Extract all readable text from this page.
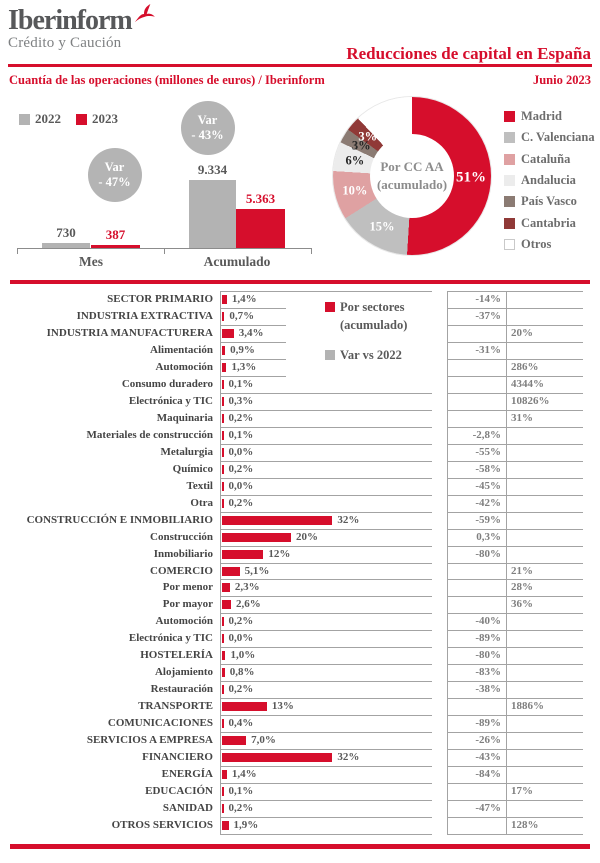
Iberinform
Crédito y Caución
Reducciones de capital en España
Cuantía de las operaciones (millones de euros) / Iberinform	Junio 2023
2022 2023
730 387
Mes
9.334
5.363
Acumulado
Var
- 47%
Var
- 43%
Por CC AA
(acumulado) 51%
15%
10%
6%
3%
3%
Madrid
C. Valenciana
Cataluña
Andalucia
País Vasco
Cantabria
Otros
Por sectores
(acumulado)
Var vs 2022
SECTOR PRIMARIO 1,4%	-14%
INDUSTRIA EXTRACTIVA 0,7%	-37%
INDUSTRIA MANUFACTURERA 3,4%	20%
Alimentación 0,9%	-31%
Automoción 1,3%	286%
Consumo duradero 0,1%	4344%
Electrónica y TIC 0,3%	10826%
Maquinaria 0,2%	31%
Materiales de construcción 0,1%	-2,8%
Metalurgia 0,0%	-55%
Químico 0,2%	-58%
Textil 0,0%	-45%
Otra 0,2%	-42%
CONSTRUCCIÓN E INMOBILIARIO	32%	-59%
Construcción	20%	0,3%
Inmobiliario	12%	-80%
COMERCIO	5,1%	21%
Por menor 2,3%	28%
Por mayor 2,6%	36%
Automoción 0,2%	-40%
Electrónica y TIC 0,0%	-89%
HOSTELERÍA 1,0%	-80%
Alojamiento 0,8%	-83%
Restauración 0,2%	-38%
TRANSPORTE	13%	1886%
COMUNICACIONES 0,4%	-89%
SERVICIOS A EMPRESA	7,0%	-26%
FINANCIERO	32%	-43%
ENERGÍA 1,4%	-84%
EDUCACIÓN 0,1%	17%
SANIDAD 0,2%	-47%
OTROS SERVICIOS 1,9%	128%
